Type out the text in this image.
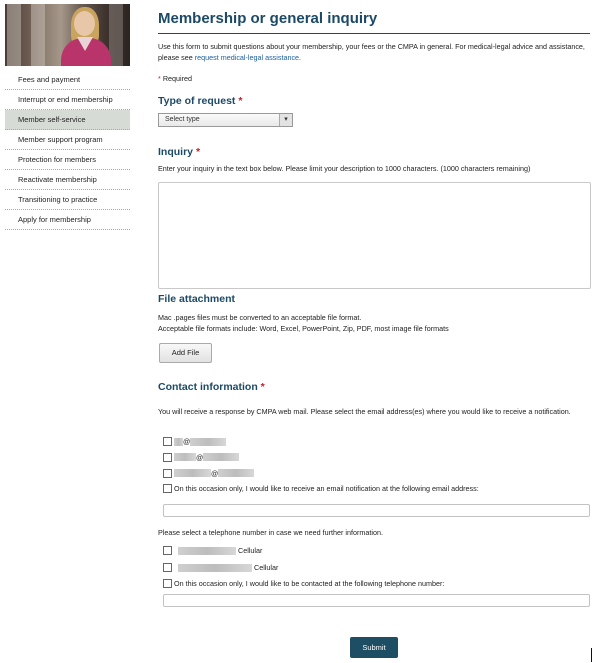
Fees and payment
Interrupt or end membership
Member self-service
Member support program
Protection for members
Reactivate membership
Transitioning to practice
Apply for membership
Membership or general inquiry

Use this form to submit questions about your membership, your fees or the CMPA in general. For medical-legal advice and assistance, please see request medical-legal assistance.

* Required

Type of request *
Select type	▾
Inquiry *

Enter your inquiry in the text box below. Please limit your description to 1000 characters. (1000 characters remaining)

File attachment

Mac .pages files must be converted to an acceptable file format.

Acceptable file formats include: Word, Excel, PowerPoint, Zip, PDF, most image file formats

Add File
Contact information *

You will receive a response by CMPA web mail. Please select the email address(es) where you would like to receive a notification.

@
@
@
On this occasion only, I would like to receive an email notification at the following email address:

Please select a telephone number in case we need further information.

Cellular

Cellular
On this occasion only, I would like to be contacted at the following telephone number:
Submit
